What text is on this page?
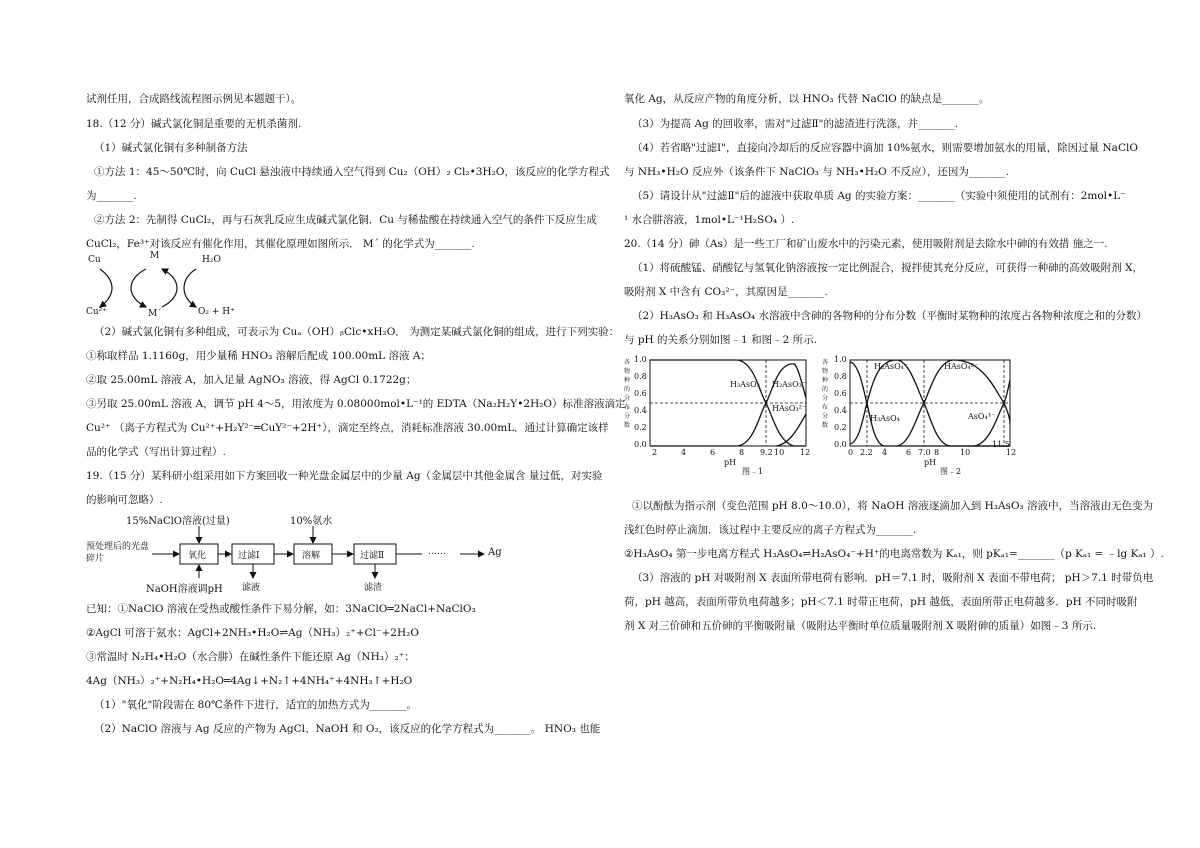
试剂任用，合成路线流程图示例见本题题干）。
18.（12 分）碱式氯化铜是重要的无机杀菌剂.
（1）碱式氯化铜有多种制备方法
①方法 1：45～50℃时，向 CuCl 悬浊液中持续通入空气得到 Cu₂（OH）₂ Cl₂•3H₂O，该反应的化学方程式
为_______.
②方法 2：先制得 CuCl₂，再与石灰乳反应生成碱式氯化铜．Cu 与稀盐酸在持续通入空气的条件下反应生成
CuCl₂，Fe³⁺对该反应有催化作用，其催化原理如图所示． Mˊ 的化学式为_______.
Cu	M	H₂O
Cu²⁺	Mˊ	O₂ + H⁺
（2）碱式氯化铜有多种组成，可表示为 Cuₐ（OH）ᵦClc•xH₂O． 为测定某碱式氯化铜的组成，进行下列实验：
①称取样品 1.1160g，用少量稀 HNO₃ 溶解后配成 100.00mL 溶液 A；
②取 25.00mL 溶液 A，加入足量 AgNO₃ 溶液，得 AgCl 0.1722g；
③另取 25.00mL 溶液 A，调节 pH 4～5，用浓度为 0.08000mol•L⁻¹的 EDTA（Na₂H₂Y•2H₂O）标准溶液滴定
Cu²⁺ （离子方程式为 Cu²⁺+H₂Y²⁻═CuY²⁻+2H⁺），滴定至终点，消耗标准溶液 30.00mL．通过计算确定该样
品的化学式（写出计算过程）.
19.（15 分）某科研小组采用如下方案回收一种光盘金属层中的少量 Ag（金属层中其他金属含 量过低，对实验
的影响可忽略）.
15%NaClO溶液(过量)	10%氨水
预处理后的光盘碎片	氧化	过滤Ⅰ	溶解	过滤Ⅱ	……	Ag
NaOH溶液调pH 滤液	滤渣
已知：①NaClO 溶液在受热或酸性条件下易分解，如：3NaClO═2NaCl+NaClO₃
②AgCl 可溶于氨水：AgCl+2NH₃•H₂O⇌Ag（NH₃）₂⁺+Cl⁻+2H₂O
③常温时 N₂H₄•H₂O（水合肼）在碱性条件下能还原 Ag（NH₃）₂⁺：
4Ag（NH₃）₂⁺+N₂H₄•H₂O═4Ag↓+N₂↑+4NH₄⁺+4NH₃↑+H₂O
（1）"氧化"阶段需在 80℃条件下进行，适宜的加热方式为_______。
（2）NaClO 溶液与 Ag 反应的产物为 AgCl、NaOH 和 O₂，该反应的化学方程式为_______。 HNO₃ 也能
氧化 Ag，从反应产物的角度分析，以 HNO₃ 代替 NaClO 的缺点是_______。
（3）为提高 Ag 的回收率，需对"过滤Ⅱ"的滤渣进行洗涤，并_______.
（4）若省略"过滤Ⅰ"，直接向冷却后的反应容器中滴加 10%氨水，则需要增加氨水的用量，除因过量 NaClO
与 NH₃•H₂O 反应外（该条件下 NaClO₃ 与 NH₃•H₂O 不反应），还因为_______.
（5）请设计从"过滤Ⅱ"后的滤液中获取单质 Ag 的实验方案：_______（实验中须使用的试剂有：2mol•L⁻
¹ 水合肼溶液，1mol•L⁻¹H₂SO₄ ）.
20.（14 分）砷（As）是一些工厂和矿山废水中的污染元素，使用吸附剂是去除水中砷的有效措 施之一.
（1）将硫酸锰、硝酸钇与氢氧化钠溶液按一定比例混合，搅拌使其充分反应，可获得一种砷的高效吸附剂 X，
吸附剂 X 中含有 CO₃²⁻，其原因是_______.
（2）H₃AsO₃ 和 H₃AsO₄ 水溶液中含砷的各物种的分布分数（平衡时某物种的浓度占各物种浓度之和的分数）
与 pH 的关系分别如图﹣1 和图﹣2 所示.
各物种的分布分数
1.0
0.8
0.6
0.4
0.2
0.0
2	4	6	8 9.2 10 12
pH
图﹣1
H₃AsO₃ H₂AsO₃⁻
HAsO₃²⁻
各物种的分布分数
1.0
0.8
0.6
0.4
0.2
0.0
0 2.2 4 6 7.0 8	10
11.5
12
pH
图﹣2
H₂AsO₄⁻	HAsO₄²⁻
H₃AsO₄	AsO₄³⁻
①以酚酞为指示剂（变色范围 pH 8.0～10.0），将 NaOH 溶液逐滴加入到 H₃AsO₃ 溶液中，当溶液由无色变为
浅红色时停止滴加．该过程中主要反应的离子方程式为_______.
②H₃AsO₄ 第一步电离方程式 H₃AsO₄⇌H₂AsO₄⁻+H⁺的电离常数为 Kₐ₁，则 pKₐ₁=_______（p Kₐ₁ = ﹣lg Kₐ₁ ）.
（3）溶液的 pH 对吸附剂 X 表面所带电荷有影响．pH＝7.1 时，吸附剂 X 表面不带电荷； pH＞7.1 时带负电
荷，pH 越高，表面所带负电荷越多；pH＜7.1 时带正电荷，pH 越低，表面所带正电荷越多．pH 不同时吸附
剂 X 对三价砷和五价砷的平衡吸附量（吸附达平衡时单位质量吸附剂 X 吸附砷的质量）如图﹣3 所示.
